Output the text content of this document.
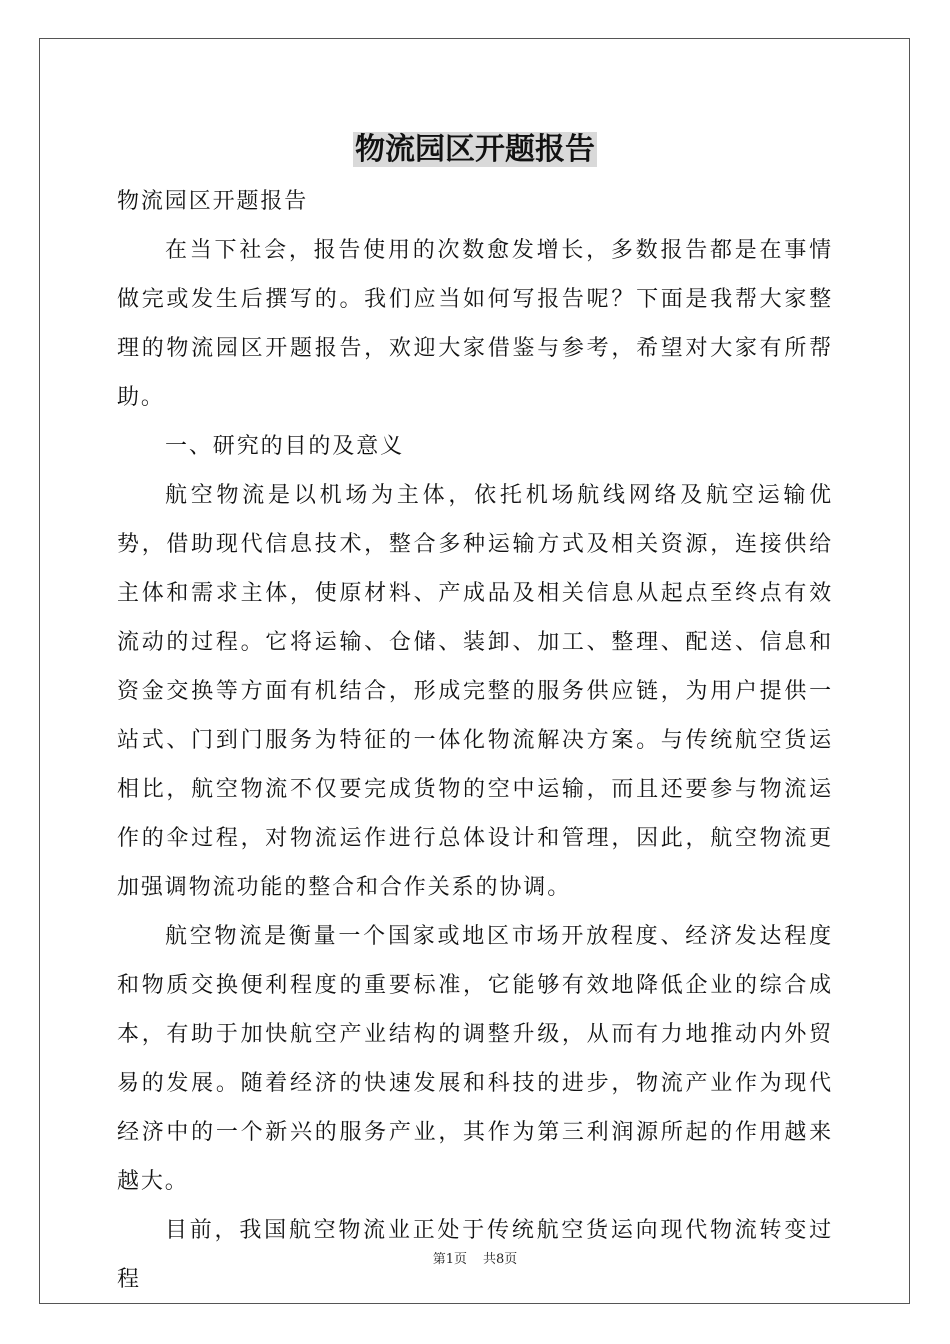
物流园区开题报告

物流园区开题报告

在当下社会，报告使用的次数愈发增长，多数报告都是在事情做完或发生后撰写的。我们应当如何写报告呢？下面是我帮大家整理的物流园区开题报告，欢迎大家借鉴与参考，希望对大家有所帮助。

一、研究的目的及意义

航空物流是以机场为主体，依托机场航线网络及航空运输优势，借助现代信息技术，整合多种运输方式及相关资源，连接供给主体和需求主体，使原材料、产成品及相关信息从起点至终点有效流动的过程。它将运输、仓储、装卸、加工、整理、配送、信息和资金交换等方面有机结合，形成完整的服务供应链，为用户提供一站式、门到门服务为特征的一体化物流解决方案。与传统航空货运相比，航空物流不仅要完成货物的空中运输，而且还要参与物流运作的伞过程，对物流运作进行总体设计和管理，因此，航空物流更加强调物流功能的整合和合作关系的协调。

航空物流是衡量一个国家或地区市场开放程度、经济发达程度和物质交换便利程度的重要标准，它能够有效地降低企业的综合成本，有助于加快航空产业结构的调整升级，从而有力地推动内外贸易的发展。随着经济的快速发展和科技的进步，物流产业作为现代经济中的一个新兴的服务产业，其作为第三利润源所起的作用越来越大。

目前，我国航空物流业正处于传统航空货运向现代物流转变过程

第1页 共8页
